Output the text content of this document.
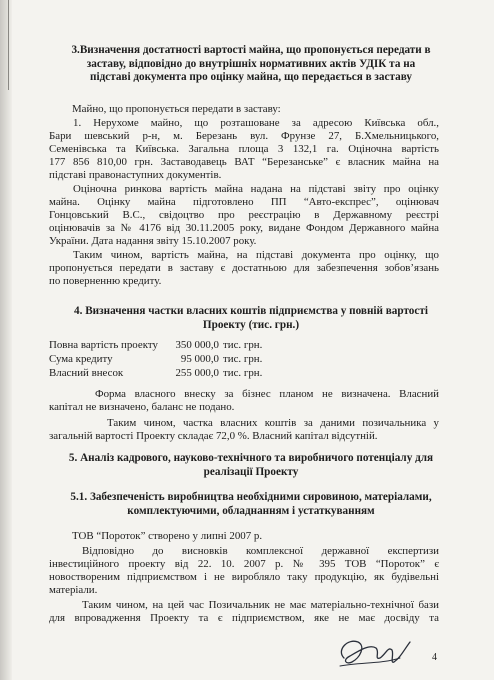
3.Визначення достатності вартості майна, що пропонується передати в
заставу, відповідно до внутрішніх нормативних актів УДІК та на
підставі документа про оцінку майна, що передається в заставу
Майно, що пропонується передати в заставу:
1. Нерухоме майно, що розташоване за адресою Київська обл.,
Бари шевський р-н, м. Березань вул. Фрунзе 27, Б.Хмельницького,
Семенівська та Київська. Загальна площа 3 132,1 га. Оціночна вартість
177 856 810,00 грн. Заставодавець ВАТ “Березанське” є власник майна на
підставі правонаступних документів.
Оціночна ринкова вартість майна надана на підставі звіту про оцінку
майна. Оцінку майна підготовлено ПП “Авто-експрес”, оцінювач
Гонцовський В.С., свідоцтво про реєстрацію в Державному реєстрі
оцінювачів за № 4176 від 30.11.2005 року, видане Фондом Державного майна
України. Дата надання звіту 15.10.2007 року.
Таким чином, вартість майна, на підставі документа про оцінку, що
пропонується передати в заставу є достатньою для забезпечення зобов’язань
по поверненню кредиту.
4. Визначення частки власних коштів підприємства у повній вартості
Проекту (тис. грн.)
Повна вартість проекту 350 000,0 тис. грн.
Сума кредиту	95 000,0 тис. грн.
Власний внесок	255 000,0 тис. грн.
Форма власного внеску за бізнес планом не визначена. Власний
капітал не визначено, баланс не подано.
Таким чином, частка власних коштів за даними позичальника у
загальній вартості Проекту складає 72,0 %. Власний капітал відсутній.
5. Аналіз кадрового, науково-технічного та виробничого потенціалу для
реалізації Проекту
5.1. Забезпеченість виробництва необхідними сировиною, матеріалами,
комплектуючими, обладнанням і устаткуванням
ТОВ “Пороток” створено у липні 2007 р.
Відповідно до висновків комплексної державної експертизи
інвестиційного проекту від 22. 10. 2007 р. № 395 ТОВ “Пороток” є
новоствореним підприємством і не виробляло таку продукцію, як будівельні
матеріали.
Таким чином, на цей час Позичальник не має матеріально-технічної бази
для впровадження Проекту та є підприємством, яке не має досвіду та
4
